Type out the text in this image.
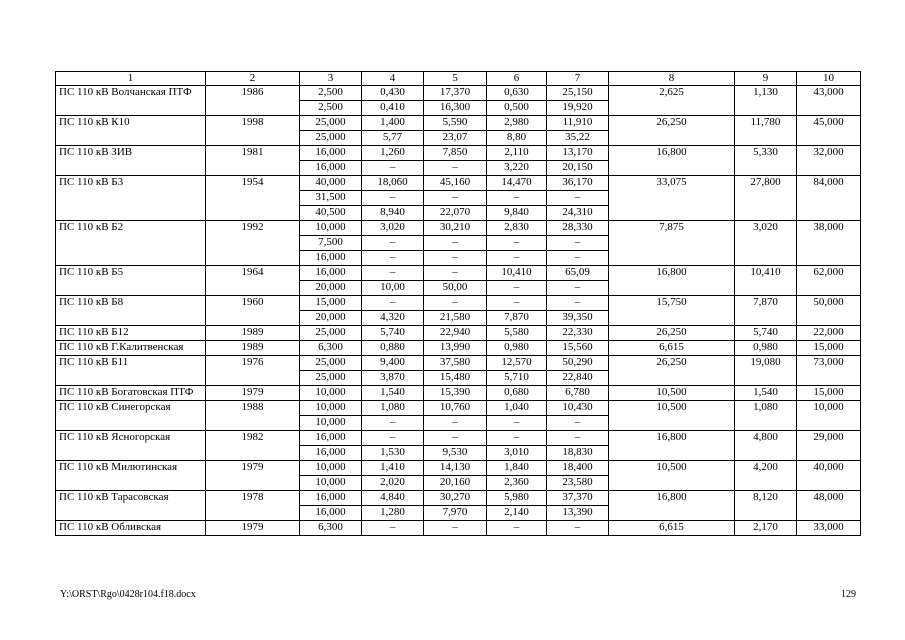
1	2	3	4	5	6	7	8	9	10
ПС 110 кВ Волчанская ПТФ	1986	2,500	0,430	17,370	0,630	25,150	2,625	1,130	43,000
		2,500	0,410	16,300	0,500	19,920			
ПС 110 кВ К10	1998	25,000	1,400	5,590	2,980	11,910	26,250	11,780	45,000
		25,000	5,77	23,07	8,80	35,22			
ПС 110 кВ ЗИВ	1981	16,000	1,260	7,850	2,110	13,170	16,800	5,330	32,000
		16,000	–	–	3,220	20,150			
ПС 110 кВ Б3	1954	40,000	18,060	45,160	14,470	36,170	33,075	27,800	84,000
		31,500	–	–	–	–			
		40,500	8,940	22,070	9,840	24,310			
ПС 110 кВ Б2	1992	10,000	3,020	30,210	2,830	28,330	7,875	3,020	38,000
		7,500	–	–	–	–			
		16,000	–	–	–	–			
ПС 110 кВ Б5	1964	16,000	–	–	10,410	65,09	16,800	10,410	62,000
		20,000	10,00	50,00	–	–			
ПС 110 кВ Б8	1960	15,000	–	–	–	–	15,750	7,870	50,000
		20,000	4,320	21,580	7,870	39,350			
ПС 110 кВ Б12	1989	25,000	5,740	22,940	5,580	22,330	26,250	5,740	22,000
ПС 110 кВ Г.Калитвенская	1989	6,300	0,880	13,990	0,980	15,560	6,615	0,980	15,000
ПС 110 кВ Б11	1976	25,000	9,400	37,580	12,570	50,290	26,250	19,080	73,000
		25,000	3,870	15,480	5,710	22,840			
ПС 110 кВ Богатовская ПТФ	1979	10,000	1,540	15,390	0,680	6,780	10,500	1,540	15,000
ПС 110 кВ Синегорская	1988	10,000	1,080	10,760	1,040	10,430	10,500	1,080	10,000
		10,000	–	–	–	–			
ПС 110 кВ Ясногорская	1982	16,000	–	–	–	–	16,800	4,800	29,000
		16,000	1,530	9,530	3,010	18,830			
ПС 110 кВ Милютинская	1979	10,000	1,410	14,130	1,840	18,400	10,500	4,200	40,000
		10,000	2,020	20,160	2,360	23,580			
ПС 110 кВ Тарасовская	1978	16,000	4,840	30,270	5,980	37,370	16,800	8,120	48,000
		16,000	1,280	7,970	2,140	13,390			
ПС 110 кВ Обливская	1979	6,300	–	–	–	–	6,615	2,170	33,000
Y:\ORST\Rgo\0428r104.f18.docx	129
